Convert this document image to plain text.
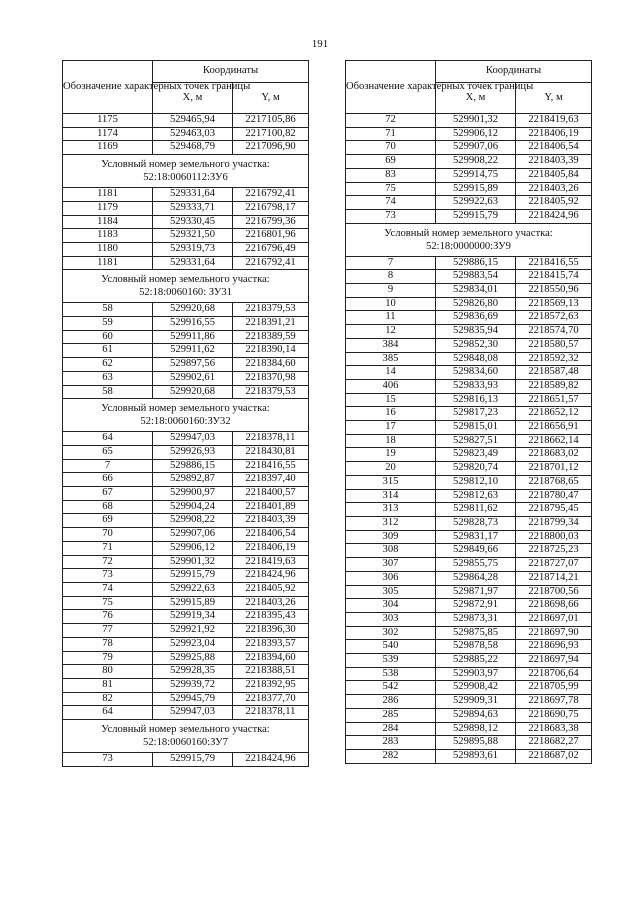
191
Обозначение характерных точек границы	Координаты	
	X, м	Y, м
1175	529465,94	2217105,86
1174	529463,03	2217100,82
1169	529468,79	2217096,90
Условный номер земельного участка: 52:18:0060112:ЗУ6		
1181	529331,64	2216792,41
1179	529333,71	2216798,17
1184	529330,45	2216799,36
1183	529321,50	2216801,96
1180	529319,73	2216796,49
1181	529331,64	2216792,41
Условный номер земельного участка: 52:18:0060160: ЗУ31		
58	529920,68	2218379,53
59	529916,55	2218391,21
60	529911,86	2218389,59
61	529911,62	2218390,14
62	529897,56	2218384,60
63	529902,61	2218370,98
58	529920,68	2218379,53
Условный номер земельного участка: 52:18:0060160:ЗУ32		
64	529947,03	2218378,11
65	529926,93	2218430,81
7	529886,15	2218416,55
66	529892,87	2218397,40
67	529900,97	2218400,57
68	529904,24	2218401,89
69	529908,22	2218403,39
70	529907,06	2218406,54
71	529906,12	2218406,19
72	529901,32	2218419,63
73	529915,79	2218424,96
74	529922,63	2218405,92
75	529915,89	2218403,26
76	529919,34	2218395,43
77	529921,92	2218396,30
78	529923,04	2218393,57
79	529925,88	2218394,60
80	529928,35	2218388,51
81	529939,72	2218392,95
82	529945,79	2218377,70
64	529947,03	2218378,11
Условный номер земельного участка: 52:18:0060160:ЗУ7		
73	529915,79	2218424,96
Обозначение характерных точек границы	Координаты	
	X, м	Y, м
72	529901,32	2218419,63
71	529906,12	2218406,19
70	529907,06	2218406,54
69	529908,22	2218403,39
83	529914,75	2218405,84
75	529915,89	2218403,26
74	529922,63	2218405,92
73	529915,79	2218424,96
Условный номер земельного участка: 52:18:0000000:ЗУ9		
7	529886,15	2218416,55
8	529883,54	2218415,74
9	529834,01	2218550,96
10	529826,80	2218569,13
11	529836,69	2218572,63
12	529835,94	2218574,70
384	529852,30	2218580,57
385	529848,08	2218592,32
14	529834,60	2218587,48
406	529833,93	2218589,82
15	529816,13	2218651,57
16	529817,23	2218652,12
17	529815,01	2218656,91
18	529827,51	2218662,14
19	529823,49	2218683,02
20	529820,74	2218701,12
315	529812,10	2218768,65
314	529812,63	2218780,47
313	529811,62	2218795,45
312	529828,73	2218799,34
309	529831,17	2218800,03
308	529849,66	2218725,23
307	529855,75	2218727,07
306	529864,28	2218714,21
305	529871,97	2218700,56
304	529872,91	2218698,66
303	529873,31	2218697,01
302	529875,85	2218697,90
540	529878,58	2218696,93
539	529885,22	2218697,94
538	529903,97	2218706,64
542	529908,42	2218705,99
286	529909,31	2218697,78
285	529894,63	2218690,75
284	529898,12	2218683,38
283	529895,88	2218682,27
282	529893,61	2218687,02
